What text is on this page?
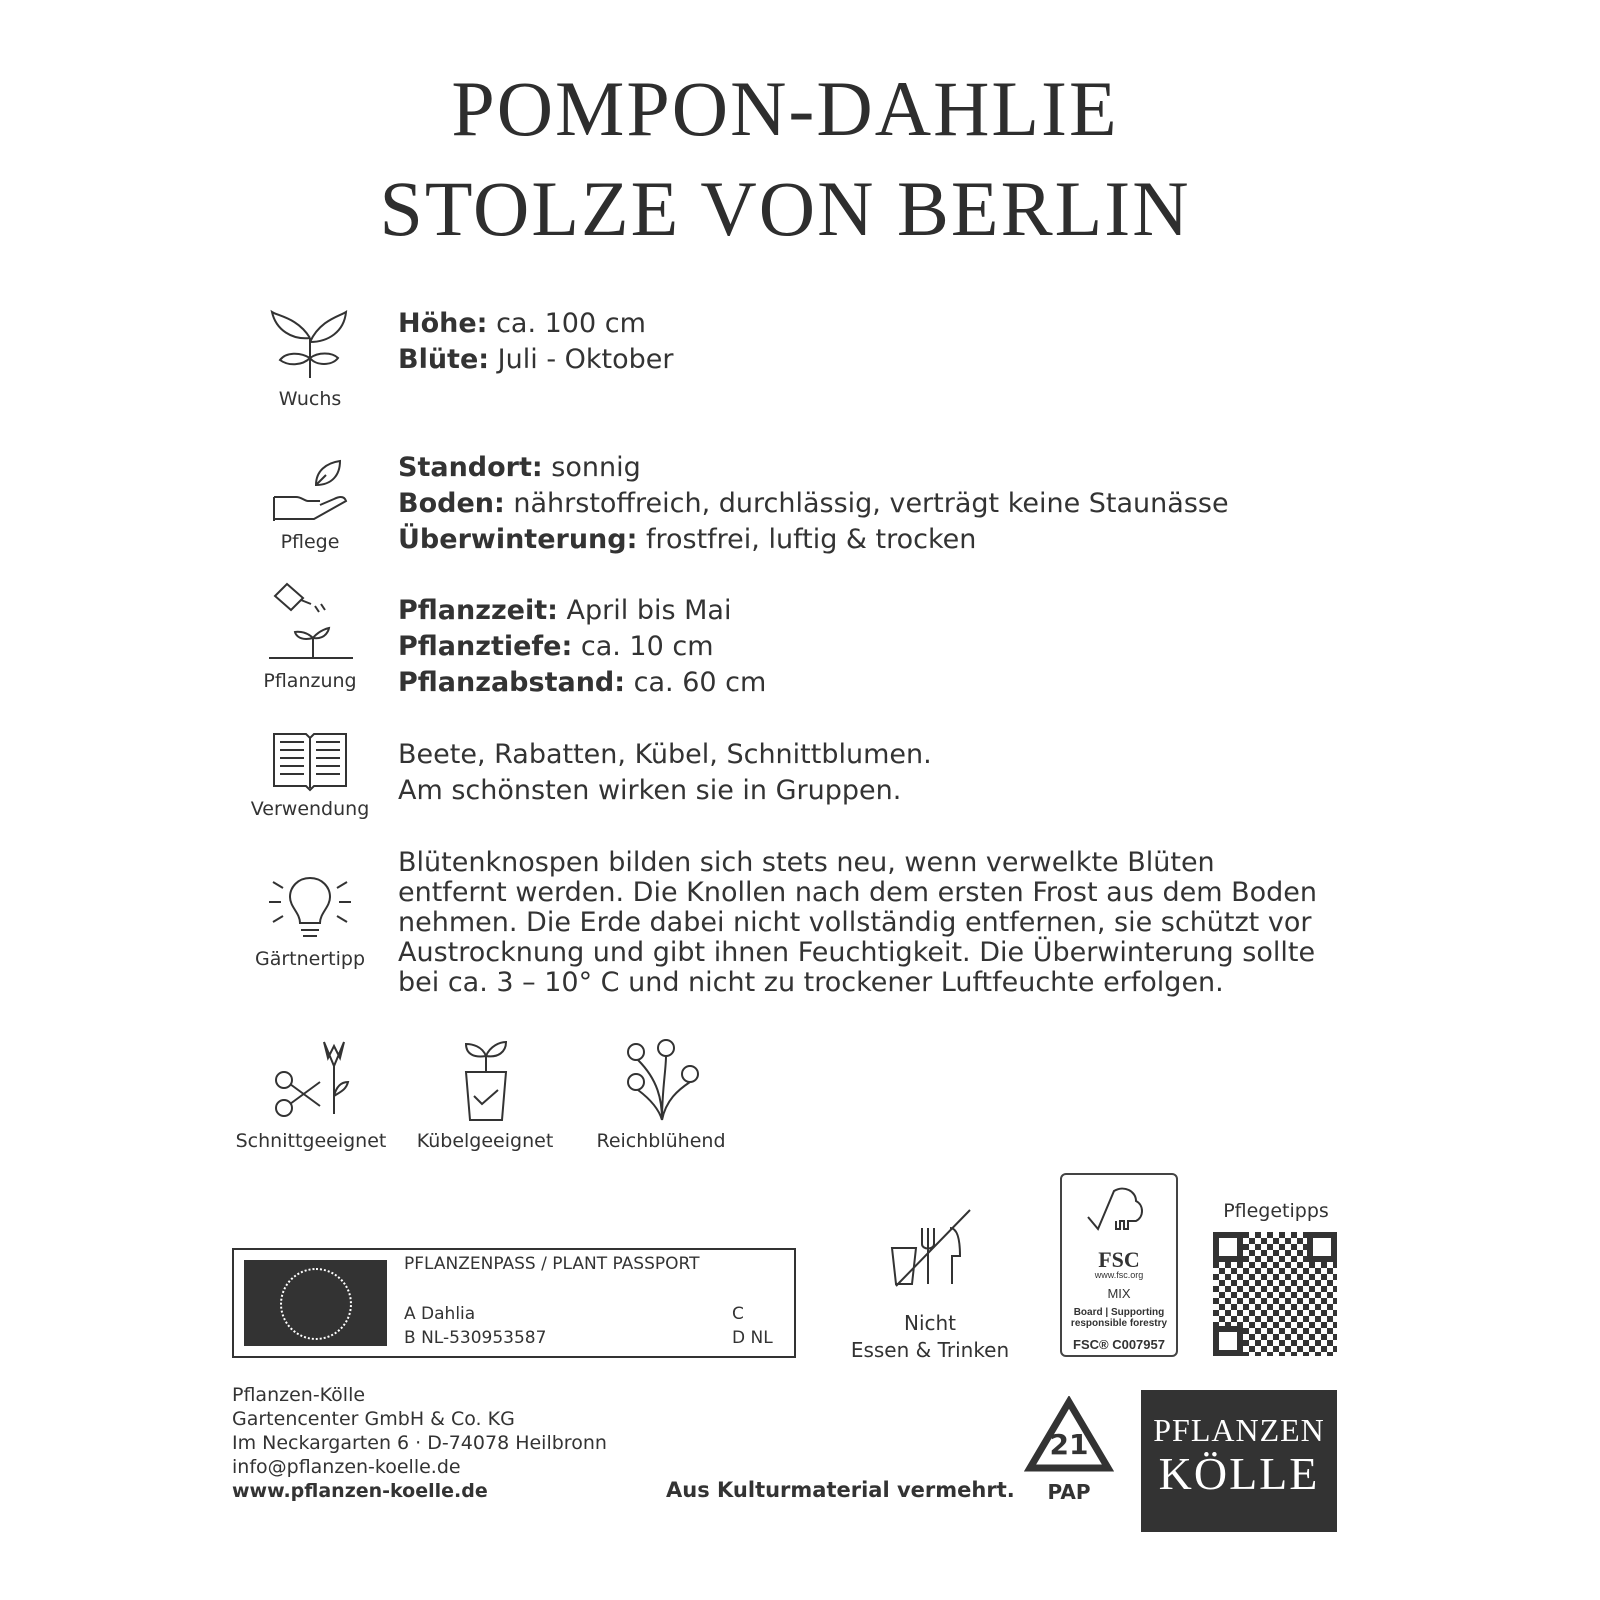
POMPON-DAHLIE
STOLZE VON BERLIN
Wuchs
Höhe: ca. 100 cm
Blüte: Juli - Oktober
Pflege
Standort: sonnig
Boden: nährstoffreich, durchlässig, verträgt keine Staunässe
Überwinterung: frostfrei, luftig & trocken
Pflanzung
Pflanzzeit: April bis Mai
Pflanztiefe: ca. 10 cm
Pflanzabstand: ca. 60 cm
Verwendung
Beete, Rabatten, Kübel, Schnittblumen.
Am schönsten wirken sie in Gruppen.
Gärtnertipp
Blütenknospen bilden sich stets neu, wenn verwelkte Blüten
entfernt werden. Die Knollen nach dem ersten Frost aus dem Boden
nehmen. Die Erde dabei nicht vollständig entfernen, sie schützt vor
Austrocknung und gibt ihnen Feuchtigkeit. Die Überwinterung sollte
bei ca. 3 – 10° C und nicht zu trockener Luftfeuchte erfolgen.
Schnittgeeignet	Kübelgeeignet	Reichblühend
PFLANZENPASS / PLANT PASSPORT
A Dahlia
B NL-530953587
C
D NL
Nicht
Essen & Trinken
FSC
www.fsc.org
MIX
Board | Supporting
responsible forestry
FSC® C007957
Pflegetipps
Pflanzen-Kölle
Gartencenter GmbH & Co. KG
Im Neckargarten 6 · D-74078 Heilbronn
info@pflanzen-koelle.de
www.pflanzen-koelle.de	Aus Kulturmaterial vermehrt.
21
PAP
PFLANZEN
KÖLLE
